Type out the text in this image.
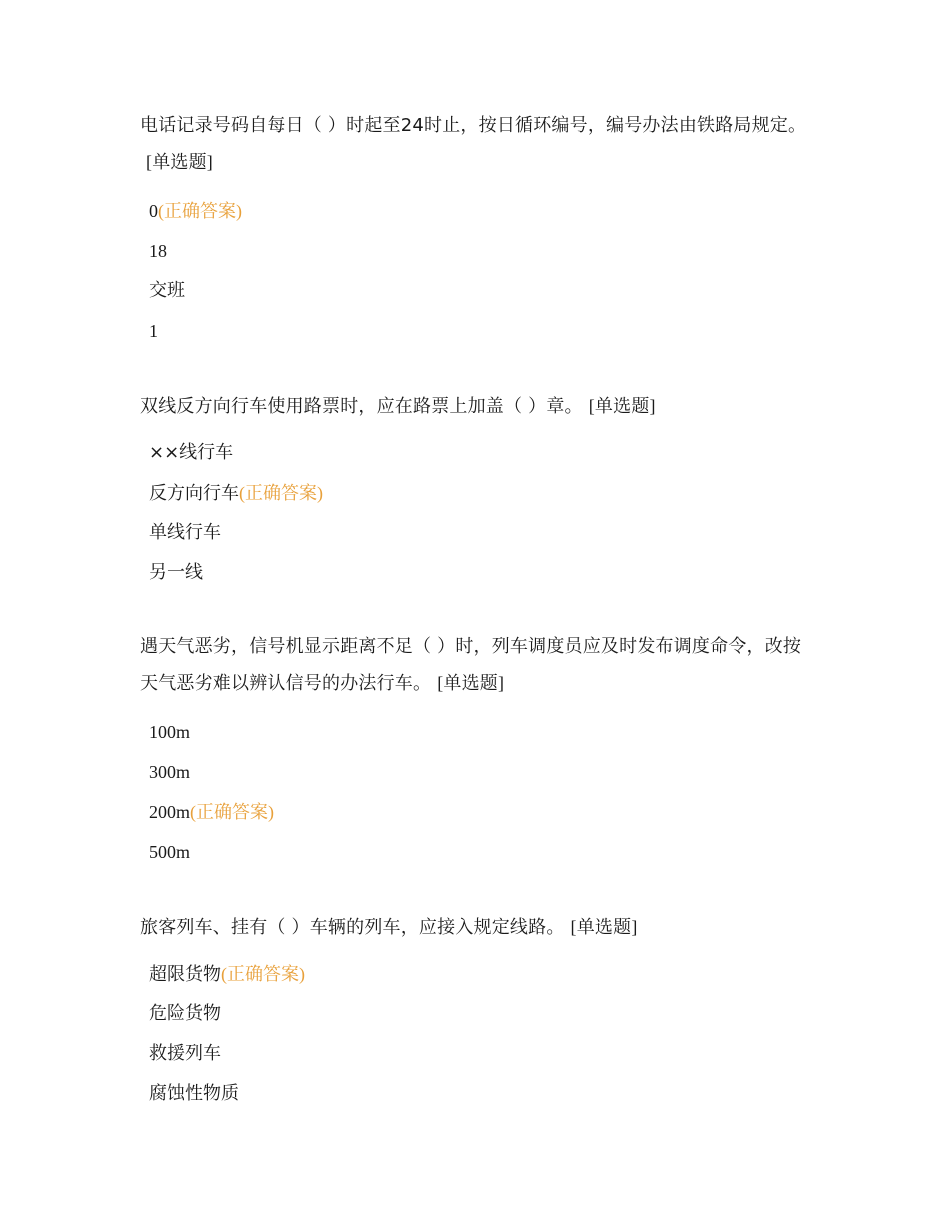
电话记录号码自每日（ ）时起至24时止，按日循环编号，编号办法由铁路局规定。[单选题]

0(正确答案)
18
交班
1

双线反方向行车使用路票时，应在路票上加盖（ ）章。 [单选题]

××线行车
反方向行车(正确答案)
单线行车
另一线

遇天气恶劣，信号机显示距离不足（ ）时，列车调度员应及时发布调度命令，改按天气恶劣难以辨认信号的办法行车。 [单选题]

100m
300m
200m(正确答案)
500m

旅客列车、挂有（ ）车辆的列车，应接入规定线路。 [单选题]

超限货物(正确答案)
危险货物
救援列车
腐蚀性物质
